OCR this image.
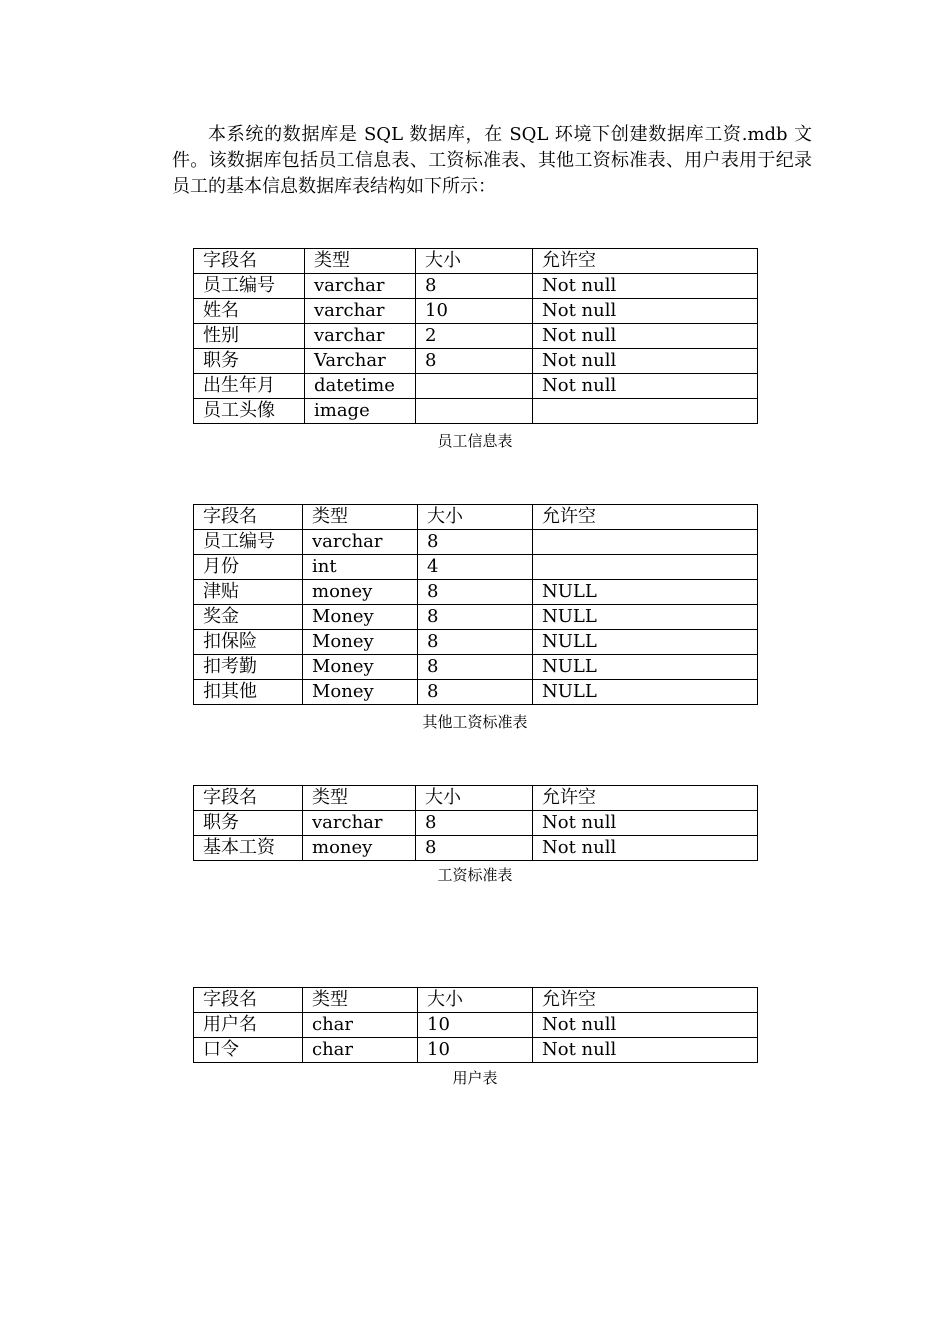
本系统的数据库是 SQL 数据库，在 SQL 环境下创建数据库工资.mdb 文件。该数据库包括员工信息表、工资标准表、其他工资标准表、用户表用于纪录员工的基本信息数据库表结构如下所示：

字段名	类型	大小	允许空
员工编号	varchar	8	Not null
姓名	varchar	10	Not null
性别	varchar	2	Not null
职务	Varchar	8	Not null
出生年月	datetime		Not null
员工头像	image		
员工信息表
字段名	类型	大小	允许空
员工编号	varchar	8	
月份	int	4	
津贴	money	8	NULL
奖金	Money	8	NULL
扣保险	Money	8	NULL
扣考勤	Money	8	NULL
扣其他	Money	8	NULL
其他工资标准表
字段名	类型	大小	允许空
职务	varchar	8	Not null
基本工资	money	8	Not null
工资标准表
字段名	类型	大小	允许空
用户名	char	10	Not null
口令	char	10	Not null
用户表
